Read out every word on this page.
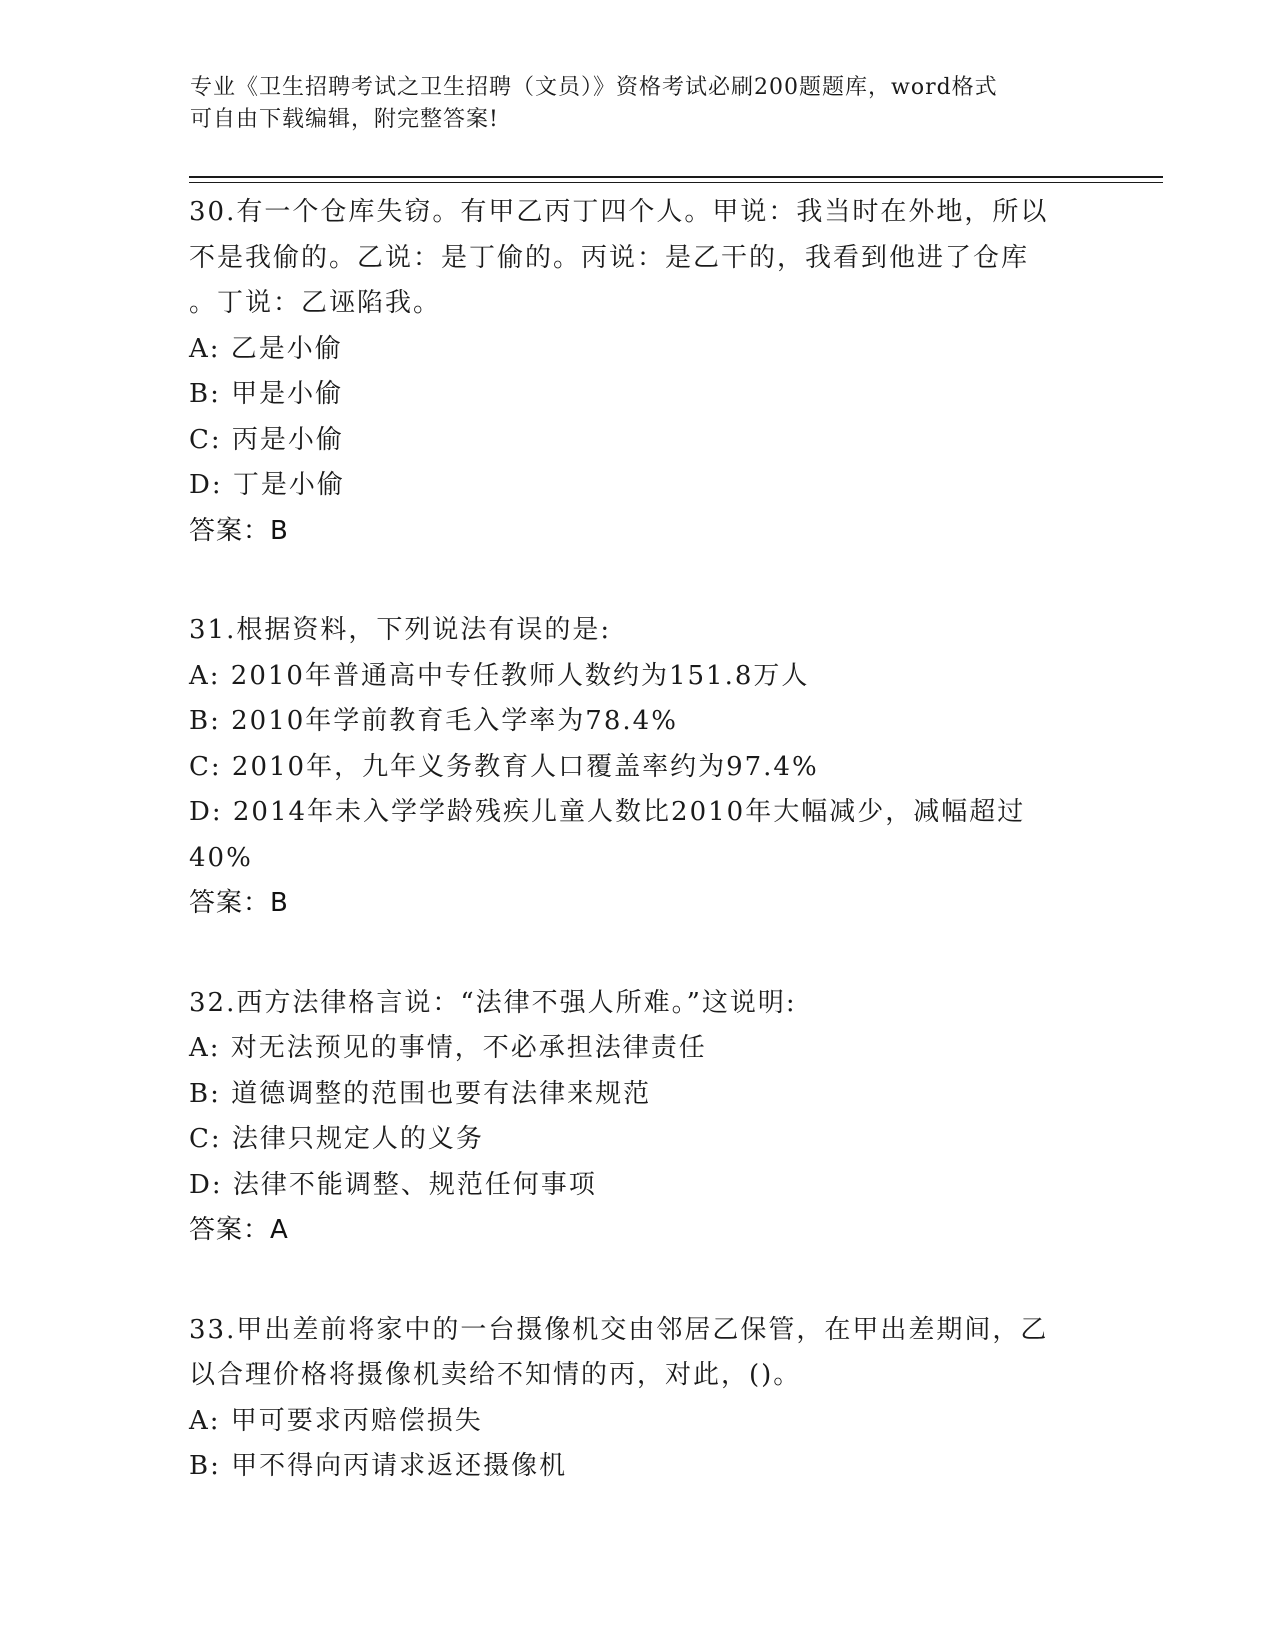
专业《卫生招聘考试之卫生招聘（文员）》资格考试必刷200题题库，word格式
可自由下载编辑，附完整答案!
30.有一个仓库失窃。有甲乙丙丁四个人。甲说：我当时在外地，所以
不是我偷的。乙说：是丁偷的。丙说：是乙干的，我看到他进了仓库
。丁说：乙诬陷我。
A: 乙是小偷
B: 甲是小偷
C: 丙是小偷
D: 丁是小偷
答案：B
31.根据资料，下列说法有误的是:
A: 2010年普通高中专任教师人数约为151.8万人
B: 2010年学前教育毛入学率为78.4%
C: 2010年，九年义务教育人口覆盖率约为97.4%
D: 2014年未入学学龄残疾儿童人数比2010年大幅减少，减幅超过
40%
答案：B
32.西方法律格言说：“法律不强人所难。”这说明:
A: 对无法预见的事情，不必承担法律责任
B: 道德调整的范围也要有法律来规范
C: 法律只规定人的义务
D: 法律不能调整、规范任何事项
答案：A
33.甲出差前将家中的一台摄像机交由邻居乙保管，在甲出差期间，乙
以合理价格将摄像机卖给不知情的丙，对此，()。
A: 甲可要求丙赔偿损失
B: 甲不得向丙请求返还摄像机
